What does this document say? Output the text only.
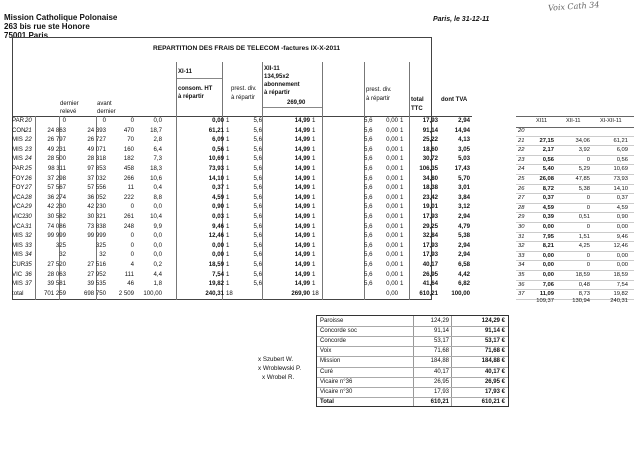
Mission Catholique Polonaise
263 bis rue ste Honore
75001 Paris
Voix Cath 34
Paris, le 31-12-11
REPARTITION DES FRAIS DE TELECOM -factures IX-X-2011
dernier
relevé
avant
dernier
XI-11
consom. HT
à répartir
prest. div.
à répartir
XII-11
134,95x2
abonnement
à répartir
269,90
prest. div.
à répartir	total
TTC
dont TVA
PAR 20	0	0	0	0,0	0,00 1	5,6	14,99 1	5,6	0,00 1	17,93	2,94
CON 21	24 863	24 393	470	18,7	61,21 1	5,6	14,99 1	5,6	0,00 1	91,14	14,94
MIS 22	26 797	26 727	70	2,8	6,09 1	5,6	14,99 1	5,6	0,00 1	25,22	4,13
MIS 23	49 231	49 071	160	6,4	0,56 1	5,6	14,99 1	5,6	0,00 1	18,60	3,05
MIS 24	28 500	28 318	182	7,3	10,69 1	5,6	14,99 1	5,6	0,00 1	30,72	5,03
PAR 25	98 311	97 853	458	18,3	73,93 1	5,6	14,99 1	5,6	0,00 1	106,35	17,43
FOY 26	37 298	37 032	266	10,6	14,10 1	5,6	14,99 1	5,6	0,00 1	34,80	5,70
FOY 27	57 567	57 556	11	0,4	0,37 1	5,6	14,99 1	5,6	0,00 1	18,38	3,01
VCA 28	36 274	36 052	222	8,8	4,59 1	5,6	14,99 1	5,6	0,00 1	23,42	3,84
VCA 29	42 230	42 230	0	0,0	0,90 1	5,6	14,99 1	5,6	0,00 1	19,01	3,12
VIC2 30	30 582	30 321	261	10,4	0,03 1	5,6	14,99 1	5,6	0,00 1	17,93	2,94
VCA 31	74 086	73 838	248	9,9	9,46 1	5,6	14,99 1	5,6	0,00 1	29,25	4,79
MIS 32	99 999	99 999	0	0,0	12,46 1	5,6	14,99 1	5,6	0,00 1	32,84	5,38
MIS 33	325	325	0	0,0	0,00 1	5,6	14,99 1	5,6	0,00 1	17,93	2,94
MIS 34	32	32	0	0,0	0,00 1	5,6	14,99 1	5,6	0,00 1	17,93	2,94
CUR 35	27 520	27 516	4	0,2	18,59 1	5,6	14,99 1	5,6	0,00 1	40,17	6,58
VIC 36	28 063	27 952	111	4,4	7,54 1	5,6	14,99 1	5,6	0,00 1	26,95	4,42
MIS 37	39 581	39 535	46	1,8	19,82 1	5,6	14,99 1	5,6	0,00 1	41,64	6,82
total	701 259	698 750	2 509	100,00	240,31 18	269,90 18	0,00	610,21	100,00
XI11	XII-11	XI-XII-11
20
21	27,15	34,06	61,21
22	2,17	3,92	6,09
23	0,56	0	0,56
24	5,40	5,29	10,69
25	26,08	47,85	73,93
26	8,72	5,38	14,10
27	0,37	0	0,37
28	4,59	0	4,59
29	0,39	0,51	0,90
30	0,00	0	0,00
31	7,95	1,51	9,46
32	8,21	4,25	12,46
33	0,00	0	0,00
34	0,00	0	0,00
35	0,00	18,59	18,59
36	7,06	0,48	7,54
37	11,09	8,73	19,82
109,37	130,94	240,31
x Szubert W.
x Wroblewski P.
x Wrobel R.
Paroisse	124,29	124,29 €
Concorde soc	91,14	91,14 €
Concorde	53,17	53,17 €
Voix	71,68	71,68 €
Mission	184,88	184,88 €
Curé	40,17	40,17 €
Vicaire n°36	26,95	26,95 €
Vicaire n°30	17,93	17,93 €
Total	610,21	610,21 €
